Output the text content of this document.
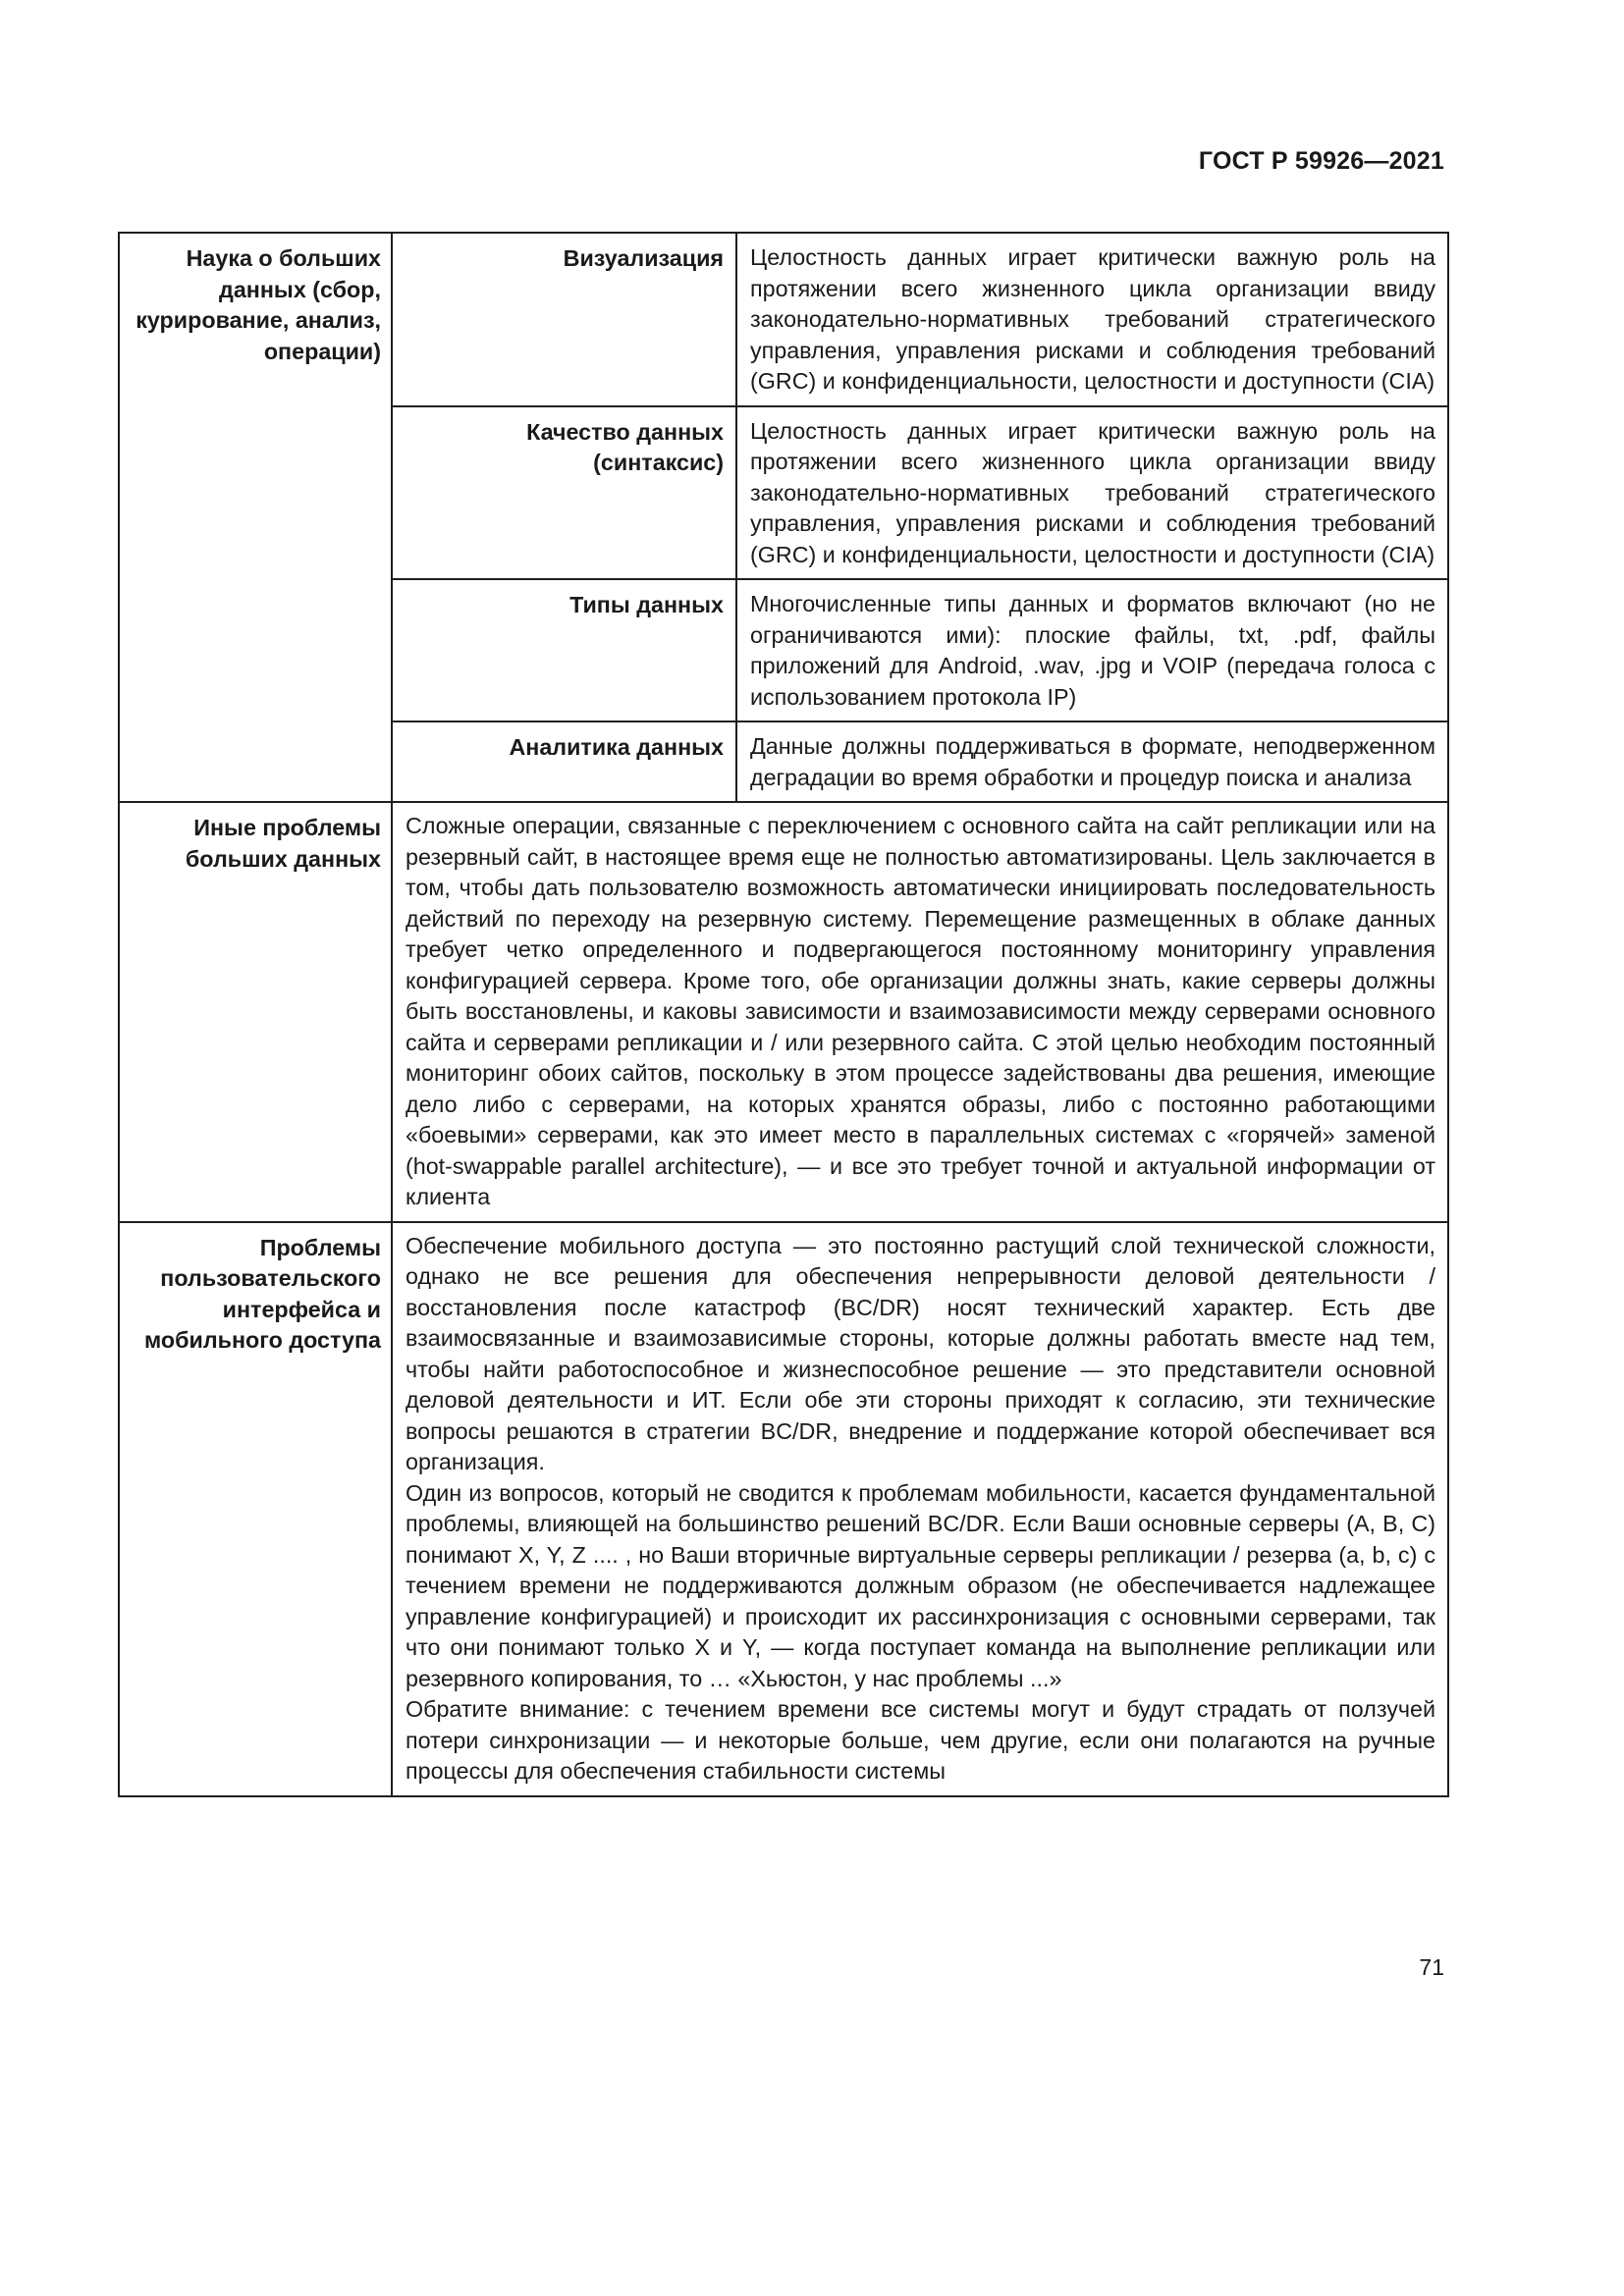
ГОСТ Р 59926—2021
Наука о больших данных (сбор, курирование, анализ, операции)	Визуализация	Целостность данных играет критически важную роль на протяжении всего жизненного цикла организации ввиду законодательно-нормативных требований стратегического управления, управления рисками и соблюдения требований (GRC) и конфиденциальности, целостности и доступности (CIA)
	Качество данных (синтаксис)	Целостность данных играет критически важную роль на протяжении всего жизненного цикла организации ввиду законодательно-нормативных требований стратегического управления, управления рисками и соблюдения требований (GRC) и конфиденциальности, целостности и доступности (CIA)
	Типы данных	Многочисленные типы данных и форматов включают (но не ограничиваются ими): плоские файлы, txt, .pdf, файлы приложений для Android, .wav, .jpg и VOIP (передача голоса с использованием протокола IP)
	Аналитика данных	Данные должны поддерживаться в формате, неподверженном деградации во время обработки и процедур поиска и анализа
Иные проблемы больших данных	Сложные операции, связанные с переключением с основного сайта на сайт репликации или на резервный сайт, в настоящее время еще не полностью автоматизированы. Цель заключается в том, чтобы дать пользователю возможность автоматически инициировать последовательность действий по переходу на резервную систему. Перемещение размещенных в облаке данных требует четко определенного и подвергающегося постоянному мониторингу управления конфигурацией сервера. Кроме того, обе организации должны знать, какие серверы должны быть восстановлены, и каковы зависимости и взаимозависимости между серверами основного сайта и серверами репликации и / или резервного сайта. С этой целью необходим постоянный мониторинг обоих сайтов, поскольку в этом процессе задействованы два решения, имеющие дело либо с серверами, на которых хранятся образы, либо с постоянно работающими «боевыми» серверами, как это имеет место в параллельных системах с «горячей» заменой (hot-swappable parallel architecture), — и все это требует точной и актуальной информации от клиента	
Проблемы пользовательского интерфейса и мобильного доступа	Обеспечение мобильного доступа — это постоянно растущий слой технической сложности, однако не все решения для обеспечения непрерывности деловой деятельности / восстановления после катастроф (BC/DR) носят технический характер. Есть две взаимосвязанные и взаимозависимые стороны, которые должны работать вместе над тем, чтобы найти работоспособное и жизнеспособное решение — это представители основной деловой деятельности и ИТ. Если обе эти стороны приходят к согласию, эти технические вопросы решаются в стратегии BC/DR, внедрение и поддержание которой обеспечивает вся организация.

Один из вопросов, который не сводится к проблемам мобильности, касается фундаментальной проблемы, влияющей на большинство решений BC/DR. Если Ваши основные серверы (A, B, C) понимают X, Y, Z .... , но Ваши вторичные виртуальные серверы репликации / резерва (a, b, c) с течением времени не поддерживаются должным образом (не обеспечивается надлежащее управление конфигурацией) и происходит их рассинхронизация с основными серверами, так что они понимают только X и Y, — когда поступает команда на выполнение репликации или резервного копирования, то … «Хьюстон, у нас проблемы ...»

Обратите внимание: с течением времени все системы могут и будут страдать от ползучей потери синхронизации — и некоторые больше, чем другие, если они полагаются на ручные процессы для обеспечения стабильности системы	

71
